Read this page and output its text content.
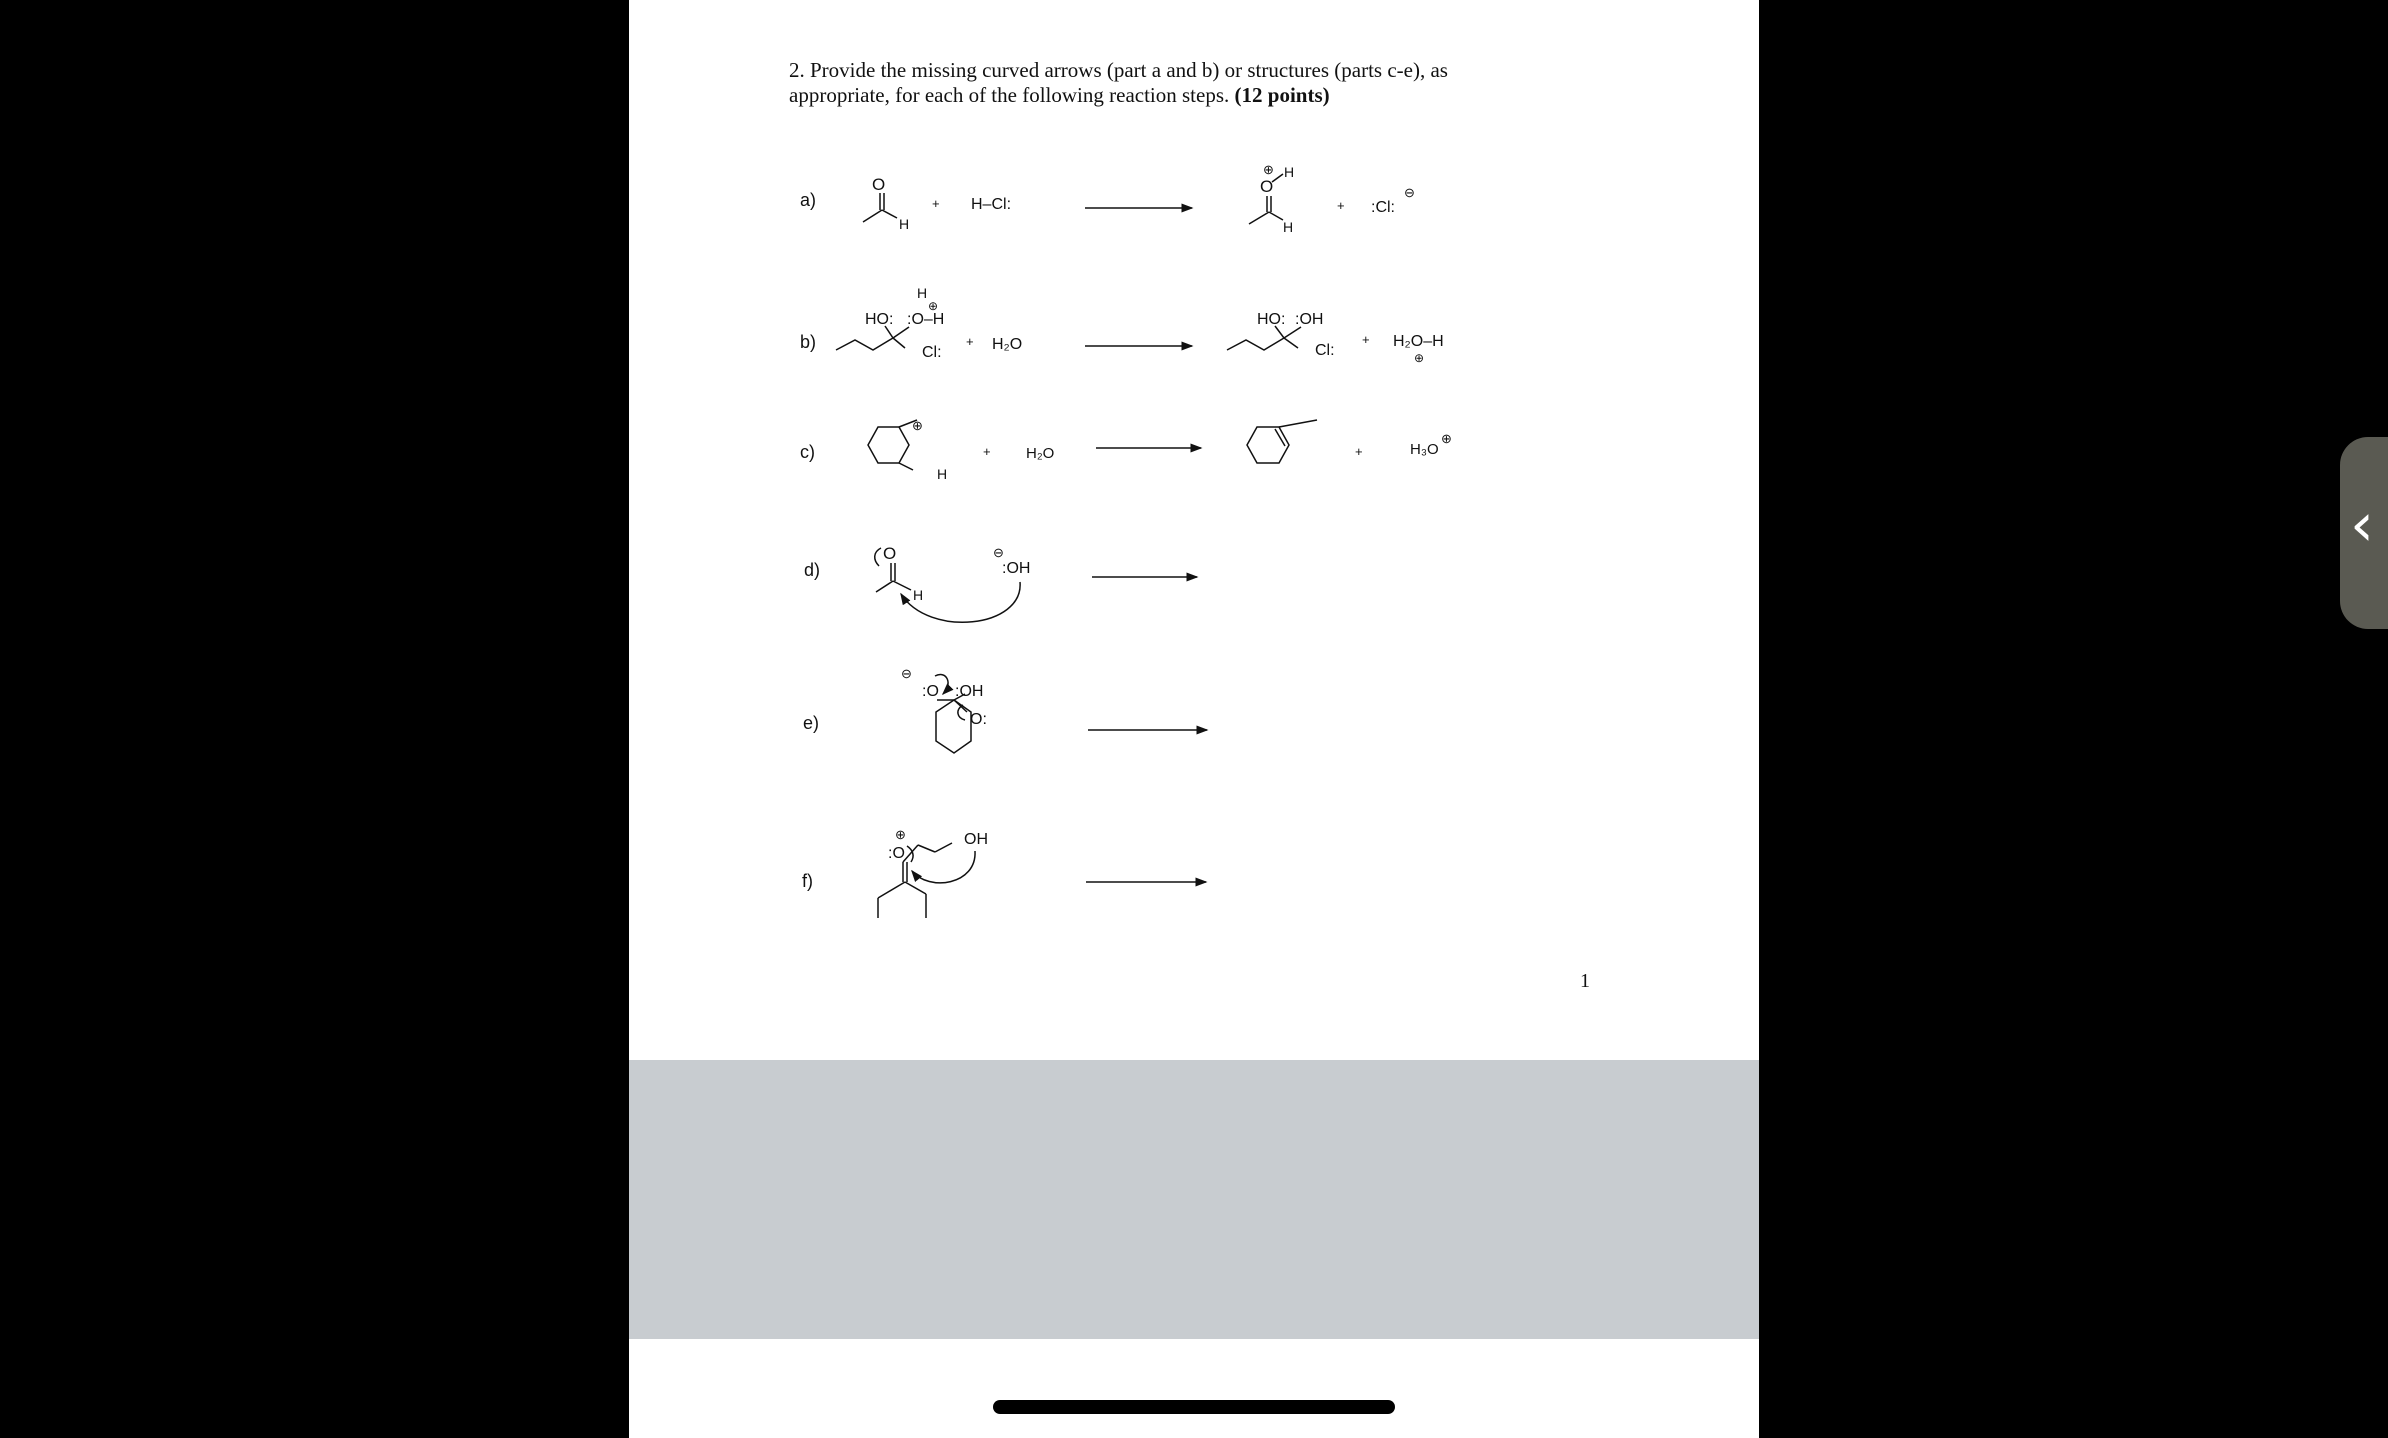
‹
2. Provide the missing curved arrows (part a and b) or structures (parts c-e), as
appropriate, for each of the following reaction steps. (12 points)
a)
b)
c)
d)
e)
f)
O
H
+ H–Cl:
⊕
O
H
H
+ :Cl:
⊖
H
⊕
HO: :O–H
Cl:
+ H₂O
HO: :OH
Cl:
+ H₂O–H
⊕
⊕
H
+ H₂O	+	H₃O
⊕
O
H
⊖
:OH
⊖
:O :OH
O:
⊕
:O
OH
1
